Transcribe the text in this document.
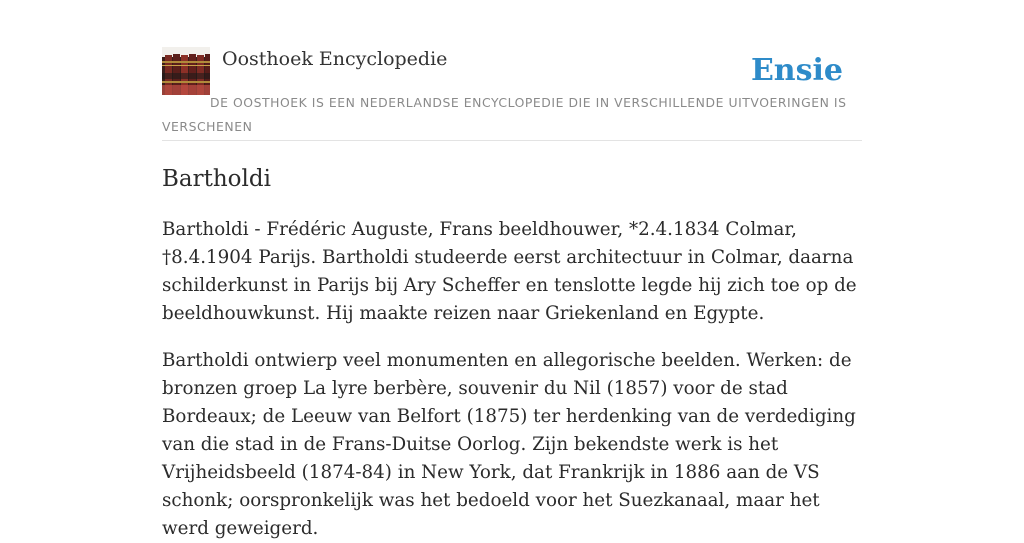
Oosthoek Encyclopedie	Ensie
DE OOSTHOEK IS EEN NEDERLANDSE ENCYCLOPEDIE DIE IN VERSCHILLENDE UITVOERINGEN IS VERSCHENEN
Bartholdi

Bartholdi - Frédéric Auguste, Frans beeldhouwer, *2.4.1834 Colmar, †8.4.1904 Parijs. Bartholdi studeerde eerst architectuur in Colmar, daarna schilderkunst in Parijs bij Ary Scheffer en tenslotte legde hij zich toe op de beeldhouwkunst. Hij maakte reizen naar Griekenland en Egypte.

Bartholdi ontwierp veel monumenten en allegorische beelden. Werken: de bronzen groep La lyre berbère, souvenir du Nil (1857) voor de stad Bordeaux; de Leeuw van Belfort (1875) ter herdenking van de verdediging van die stad in de Frans-Duitse Oorlog. Zijn bekendste werk is het Vrijheidsbeeld (1874-84) in New York, dat Frankrijk in 1886 aan de VS schonk; oorspronkelijk was het bedoeld voor het Suezkanaal, maar het werd geweigerd.
